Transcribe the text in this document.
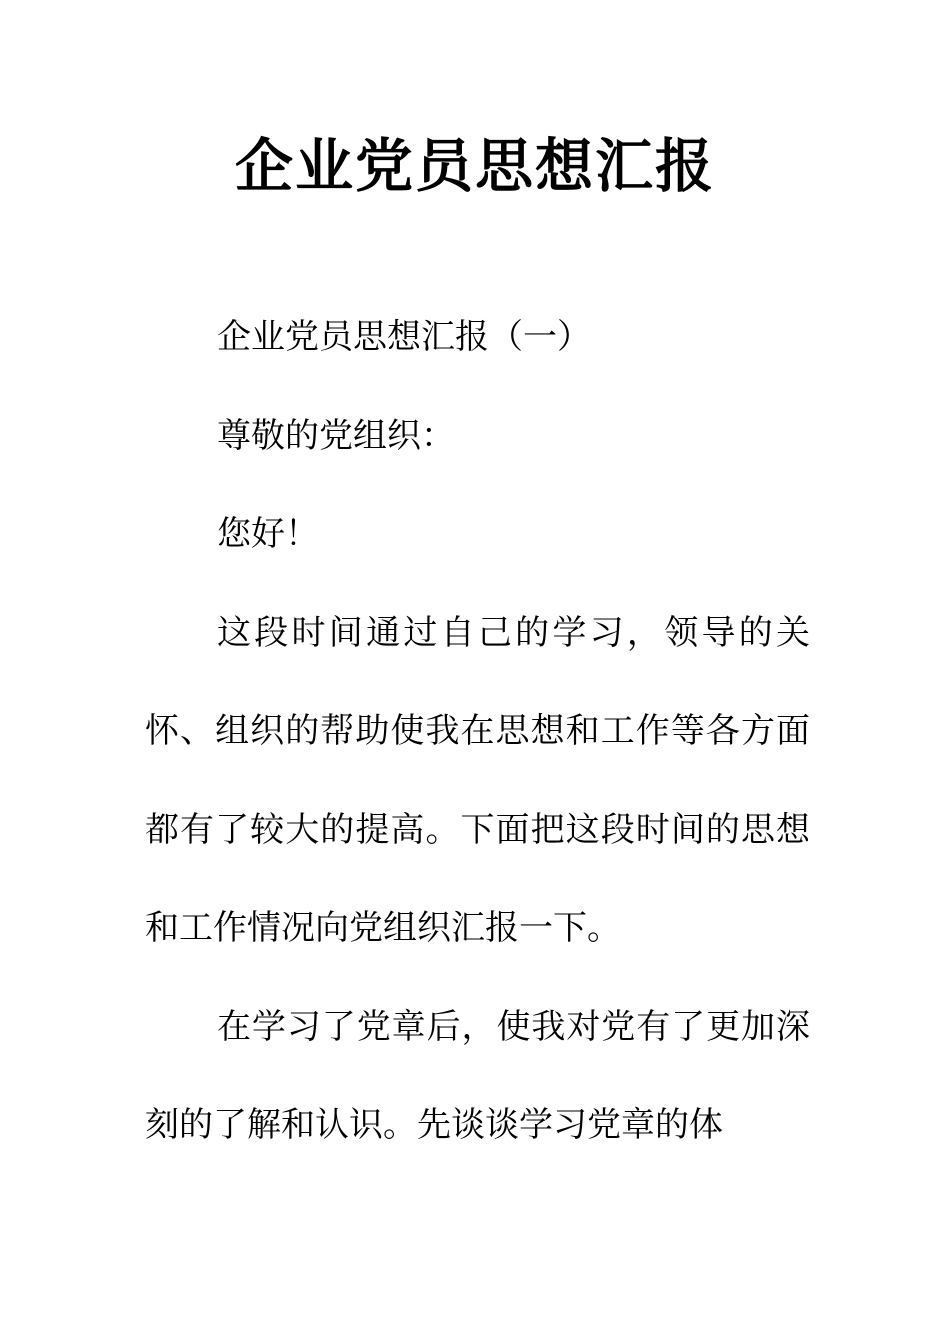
企业党员思想汇报

企业党员思想汇报（一）

尊敬的党组织：

您好！

这段时间通过自己的学习，领导的关怀、组织的帮助使我在思想和工作等各方面都有了较大的提高。下面把这段时间的思想和工作情况向党组织汇报一下。

在学习了党章后，使我对党有了更加深刻的了解和认识。先谈谈学习党章的体
